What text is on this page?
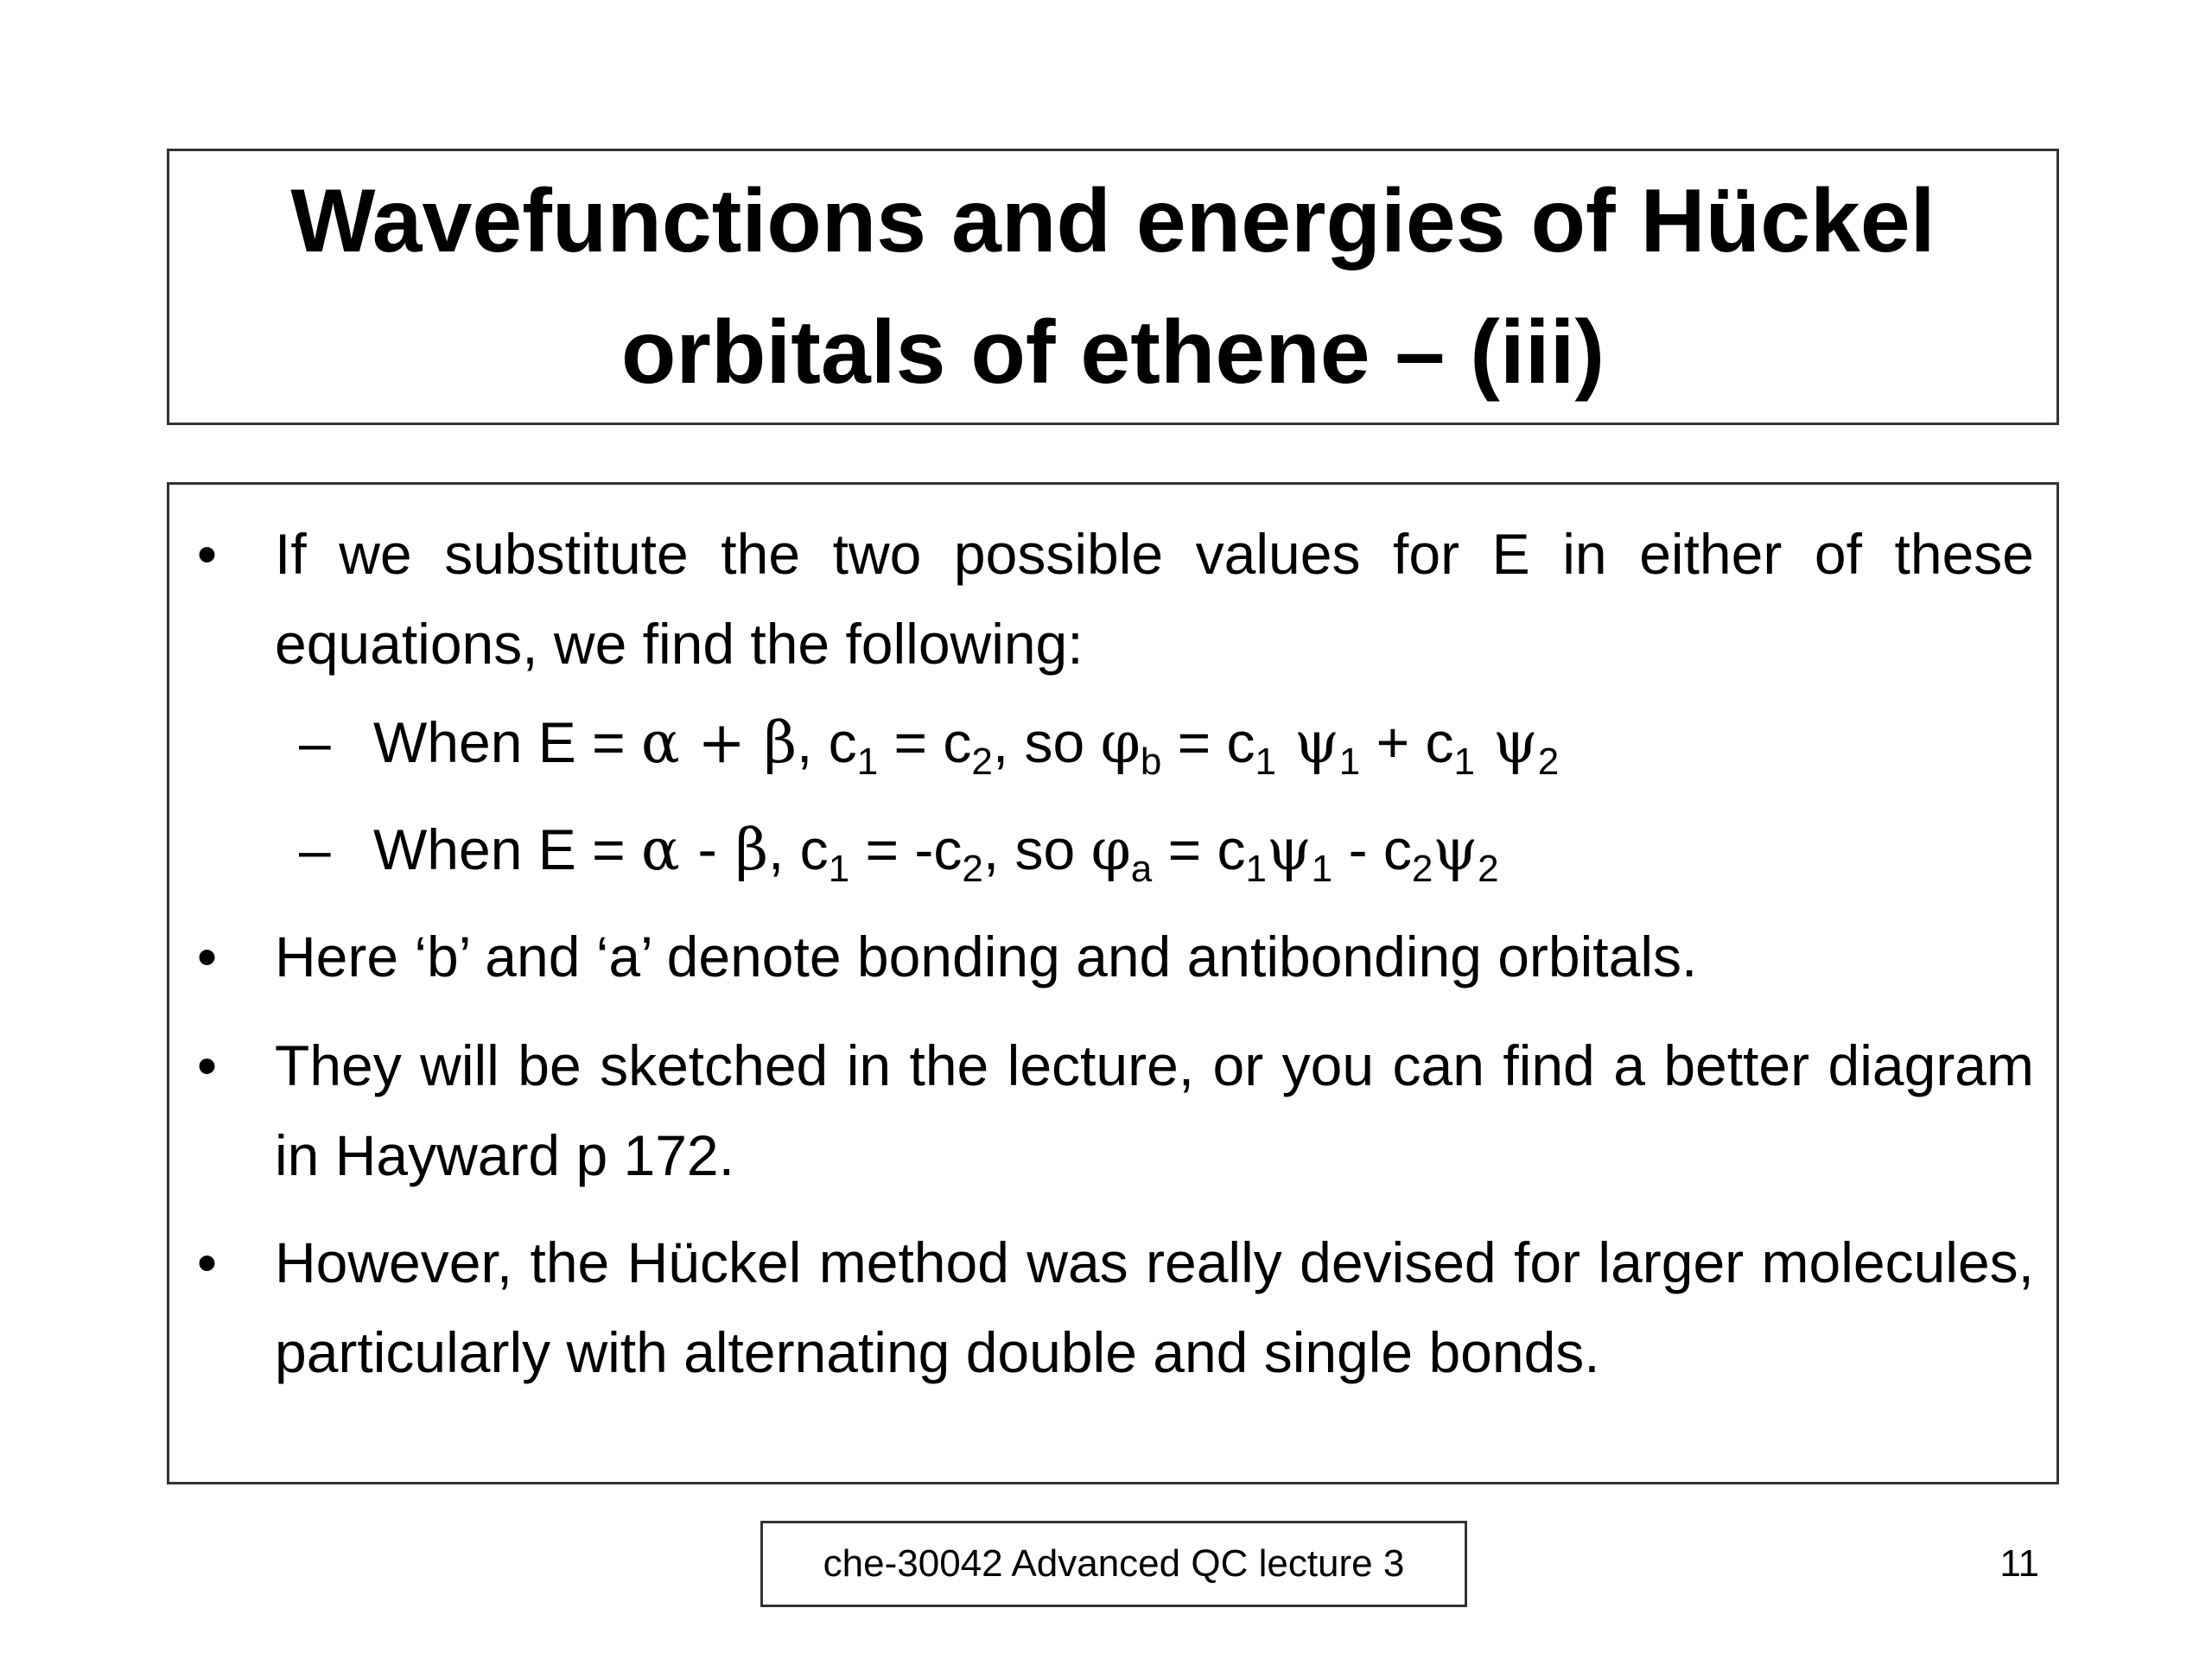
Wavefunctions and energies of Hückel
orbitals of ethene – (iii)
• If we substitute the two possible values for E in either of these equations, we find the following:
– When E = α + β, $c_1 = c_2$, so $\varphi_b = c_1$ $\psi_1 + c_1$ $\psi_2$
– When E = α - β, $c_1 = -c_2$, so $\varphi_a = c_1\psi_1 - c_2\psi_2$
• Here ‘b’ and ‘a’ denote bonding and antibonding orbitals.
• They will be sketched in the lecture, or you can find a better diagram in Hayward p 172.
• However, the Hückel method was really devised for larger molecules, particularly with alternating double and single bonds.
che-30042 Advanced QC lecture 3	11
